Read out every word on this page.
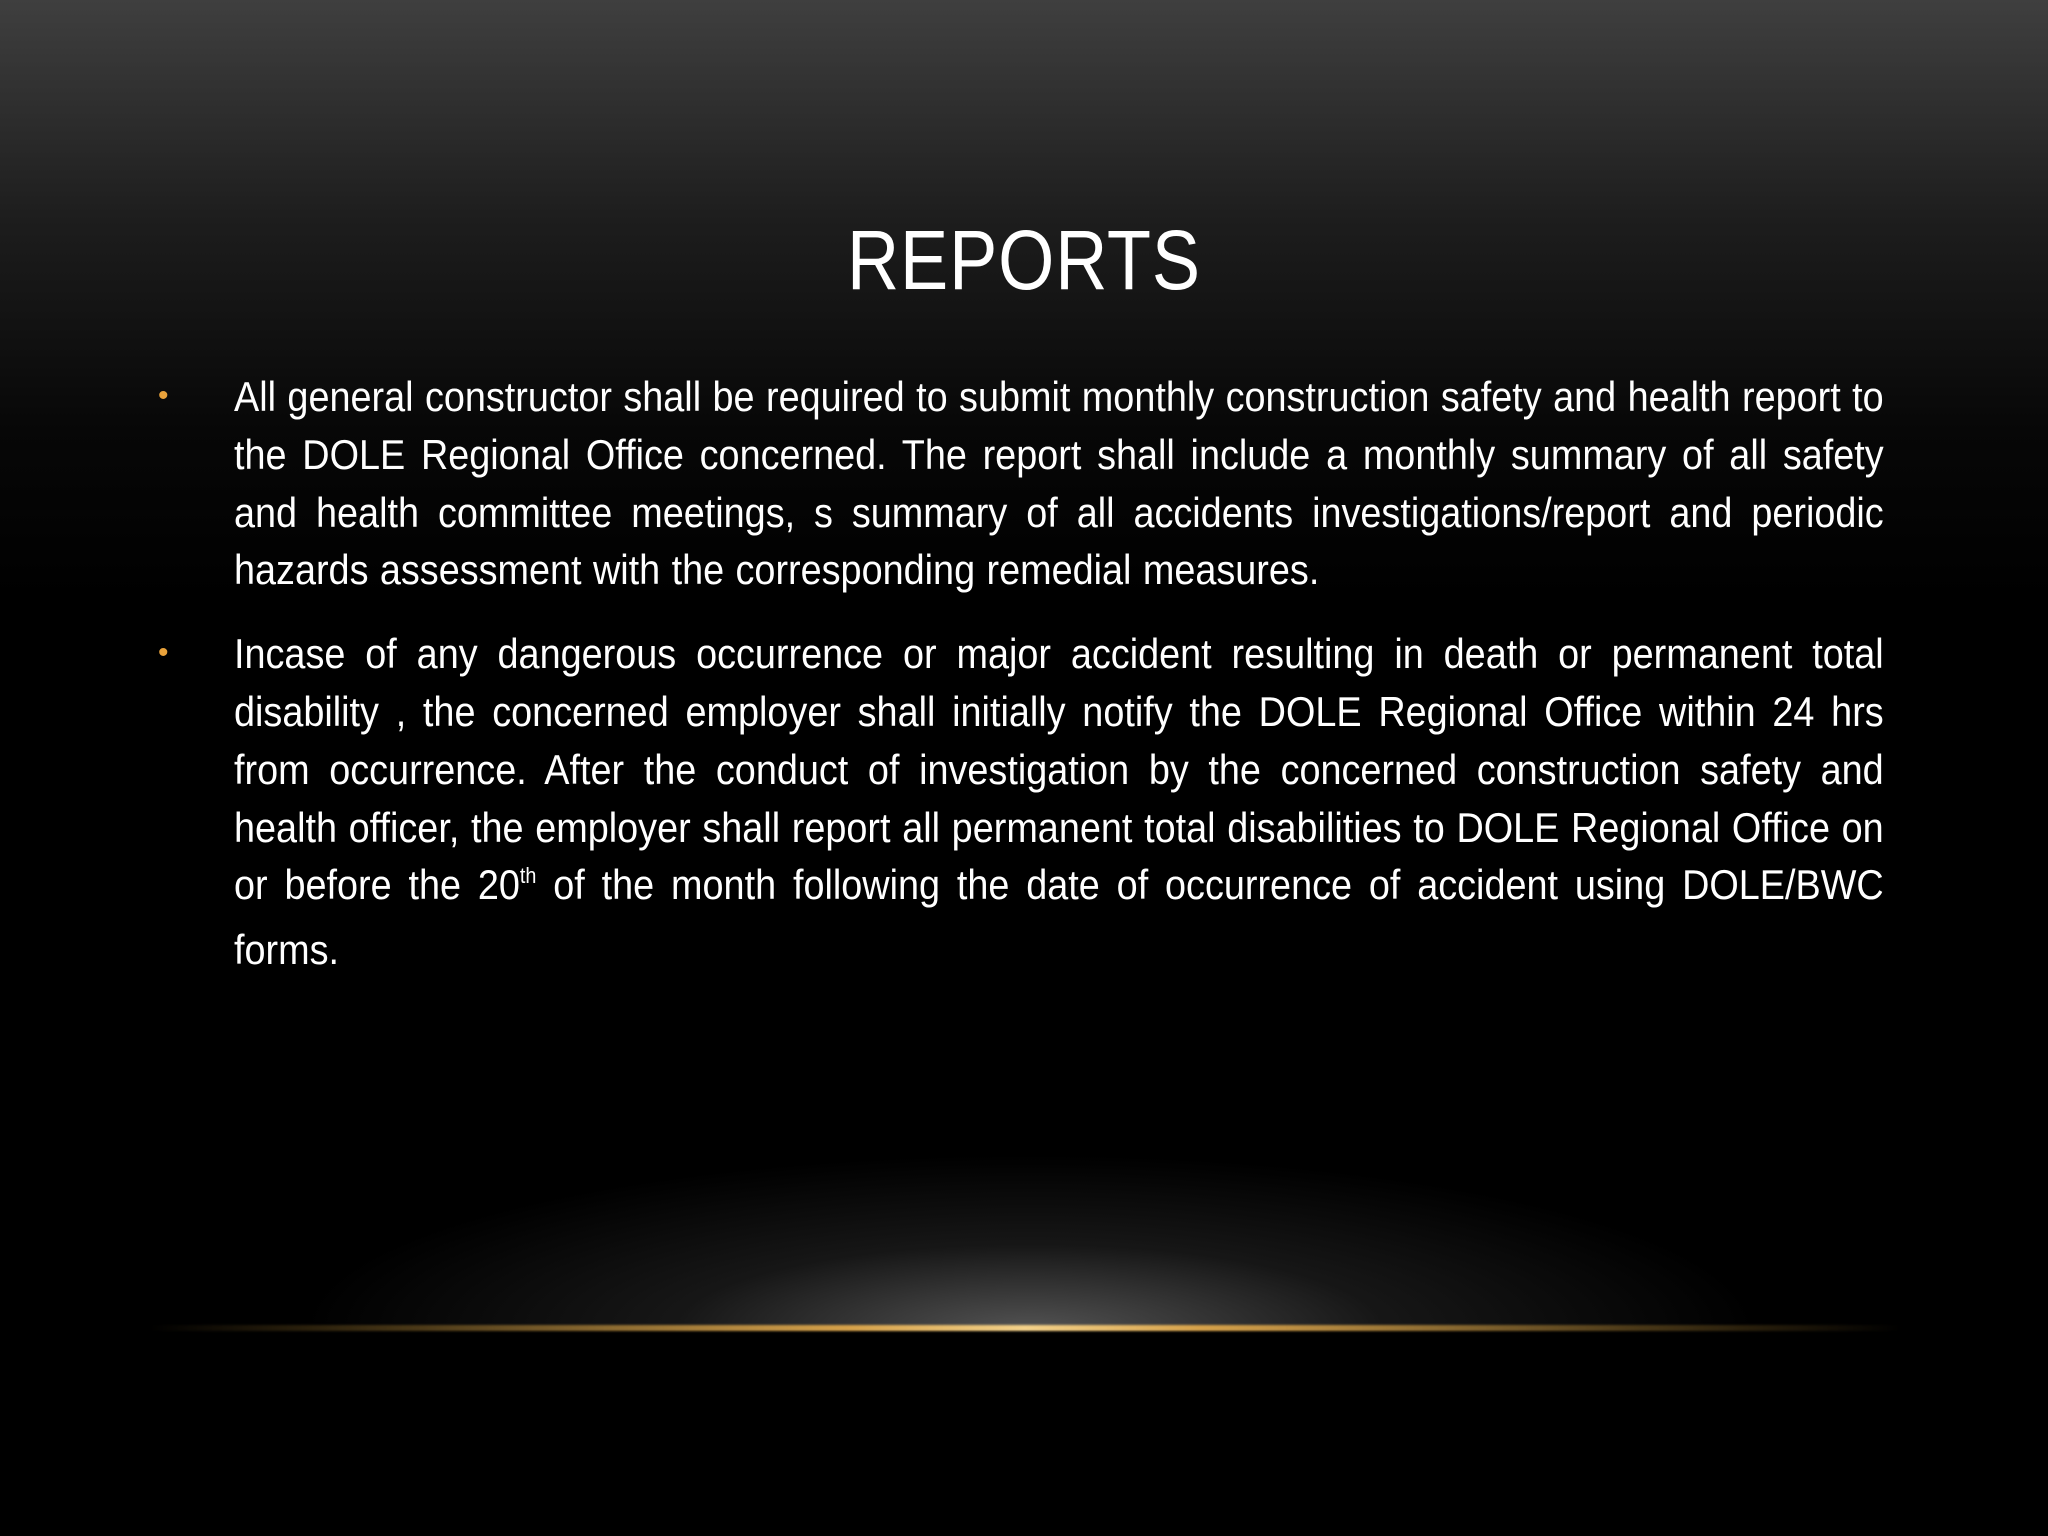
REPORTS
• All general constructor shall be required to submit monthly construction safety and health report to the DOLE Regional Office concerned. The report shall include a monthly summary of all safety and health committee meetings, s summary of all accidents investigations/report and periodic hazards assessment with the corresponding remedial measures.

• Incase of any dangerous occurrence or major accident resulting in death or permanent total disability , the concerned employer shall initially notify the DOLE Regional Office within 24 hrs from occurrence. After the conduct of investigation by the concerned construction safety and health officer, the employer shall report all permanent total disabilities to DOLE Regional Office on or before the 20th of the month following the date of occurrence of accident using DOLE/BWC forms.
